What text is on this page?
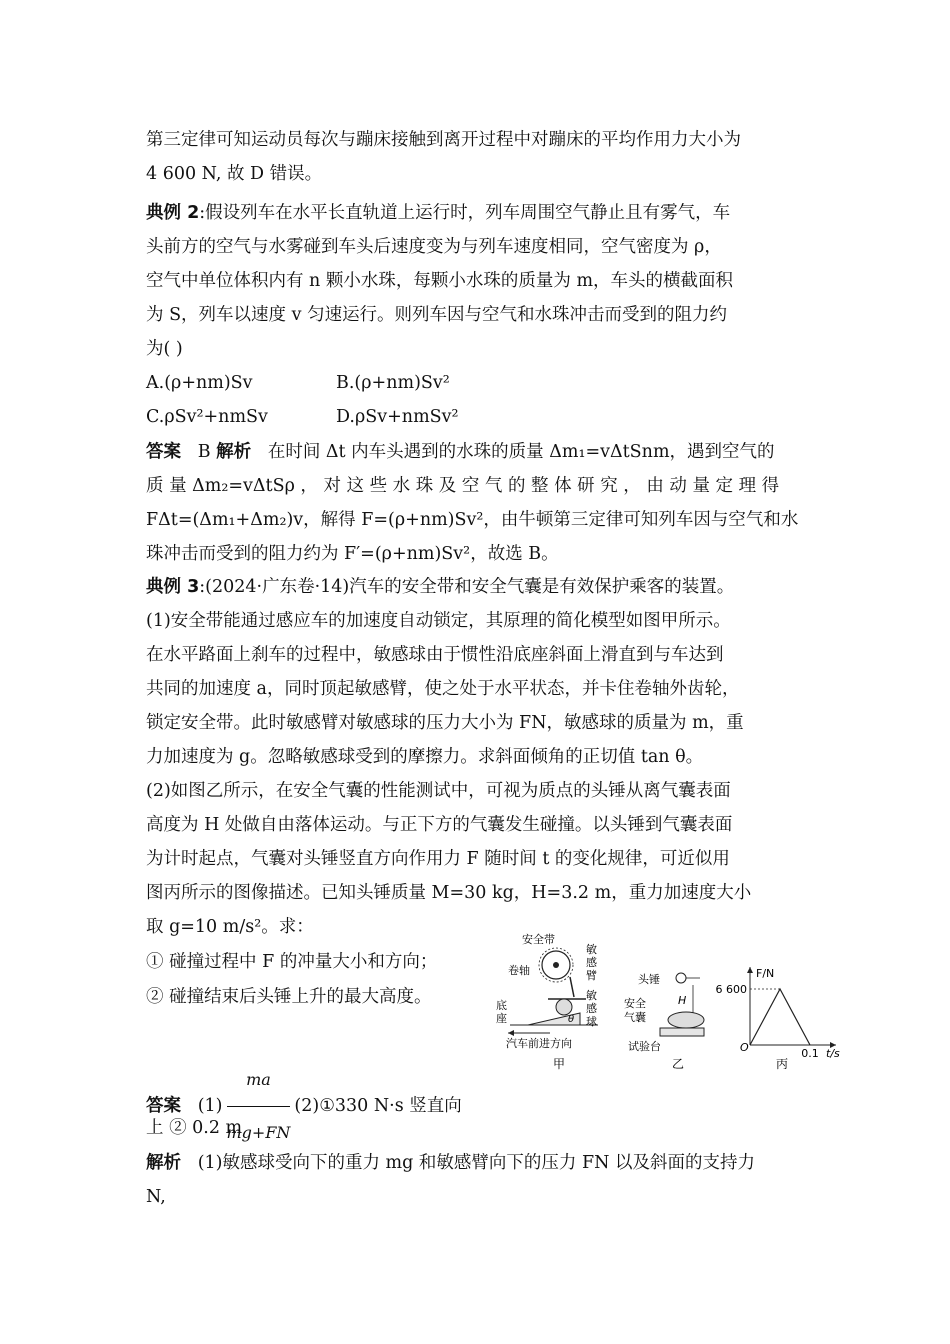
第三定律可知运动员每次与蹦床接触到离开过程中对蹦床的平均作用力大小为
4 600 N, 故 D 错误。
典例 2:假设列车在水平长直轨道上运行时，列车周围空气静止且有雾气，车
头前方的空气与水雾碰到车头后速度变为与列车速度相同，空气密度为 ρ，
空气中单位体积内有 n 颗小水珠，每颗小水珠的质量为 m，车头的横截面积
为 S，列车以速度 v 匀速运行。则列车因与空气和水珠冲击而受到的阻力约
为( )
A.(ρ+nm)Sv	B.(ρ+nm)Sv²
C.ρSv²+nmSv	D.ρSv+nmSv²
答案 B 解析 在时间 Δt 内车头遇到的水珠的质量 Δm₁=vΔtSnm，遇到空气的
质 量 Δm₂=vΔtSρ ， 对 这 些 水 珠 及 空 气 的 整 体 研 究 ， 由 动 量 定 理 得
FΔt=(Δm₁+Δm₂)v，解得 F=(ρ+nm)Sv²，由牛顿第三定律可知列车因与空气和水
珠冲击而受到的阻力约为 F′=(ρ+nm)Sv²，故选 B。
典例 3:(2024·广东卷·14)汽车的安全带和安全气囊是有效保护乘客的装置。
(1)安全带能通过感应车的加速度自动锁定，其原理的简化模型如图甲所示。
在水平路面上刹车的过程中，敏感球由于惯性沿底座斜面上滑直到与车达到
共同的加速度 a，同时顶起敏感臂，使之处于水平状态，并卡住卷轴外齿轮，
锁定安全带。此时敏感臂对敏感球的压力大小为 FN，敏感球的质量为 m，重
力加速度为 g。忽略敏感球受到的摩擦力。求斜面倾角的正切值 tan θ。
(2)如图乙所示，在安全气囊的性能测试中，可视为质点的头锤从离气囊表面
高度为 H 处做自由落体运动。与正下方的气囊发生碰撞。以头锤到气囊表面
为计时起点，气囊对头锤竖直方向作用力 F 随时间 t 的变化规律，可近似用
图丙所示的图像描述。已知头锤质量 M=30 kg，H=3.2 m，重力加速度大小
取 g=10 m/s²。求：
① 碰撞过程中 F 的冲量大小和方向；
② 碰撞结束后头锤上升的最大高度。
答案 $(1) \frac{ma}{mg+FN}$ (2)①330 N·s 竖直向
上 ② 0.2 m
解析 (1)敏感球受向下的重力 mg 和敏感臂向下的压力 FN 以及斜面的支持力
N,
安全带
卷轴
敏
感
臂
底
座
敏
感
球
θ
汽车前进方向
甲
头锤
H
安全
气囊
试验台
乙
F/N
t/s
6 600
0.1
O
丙
